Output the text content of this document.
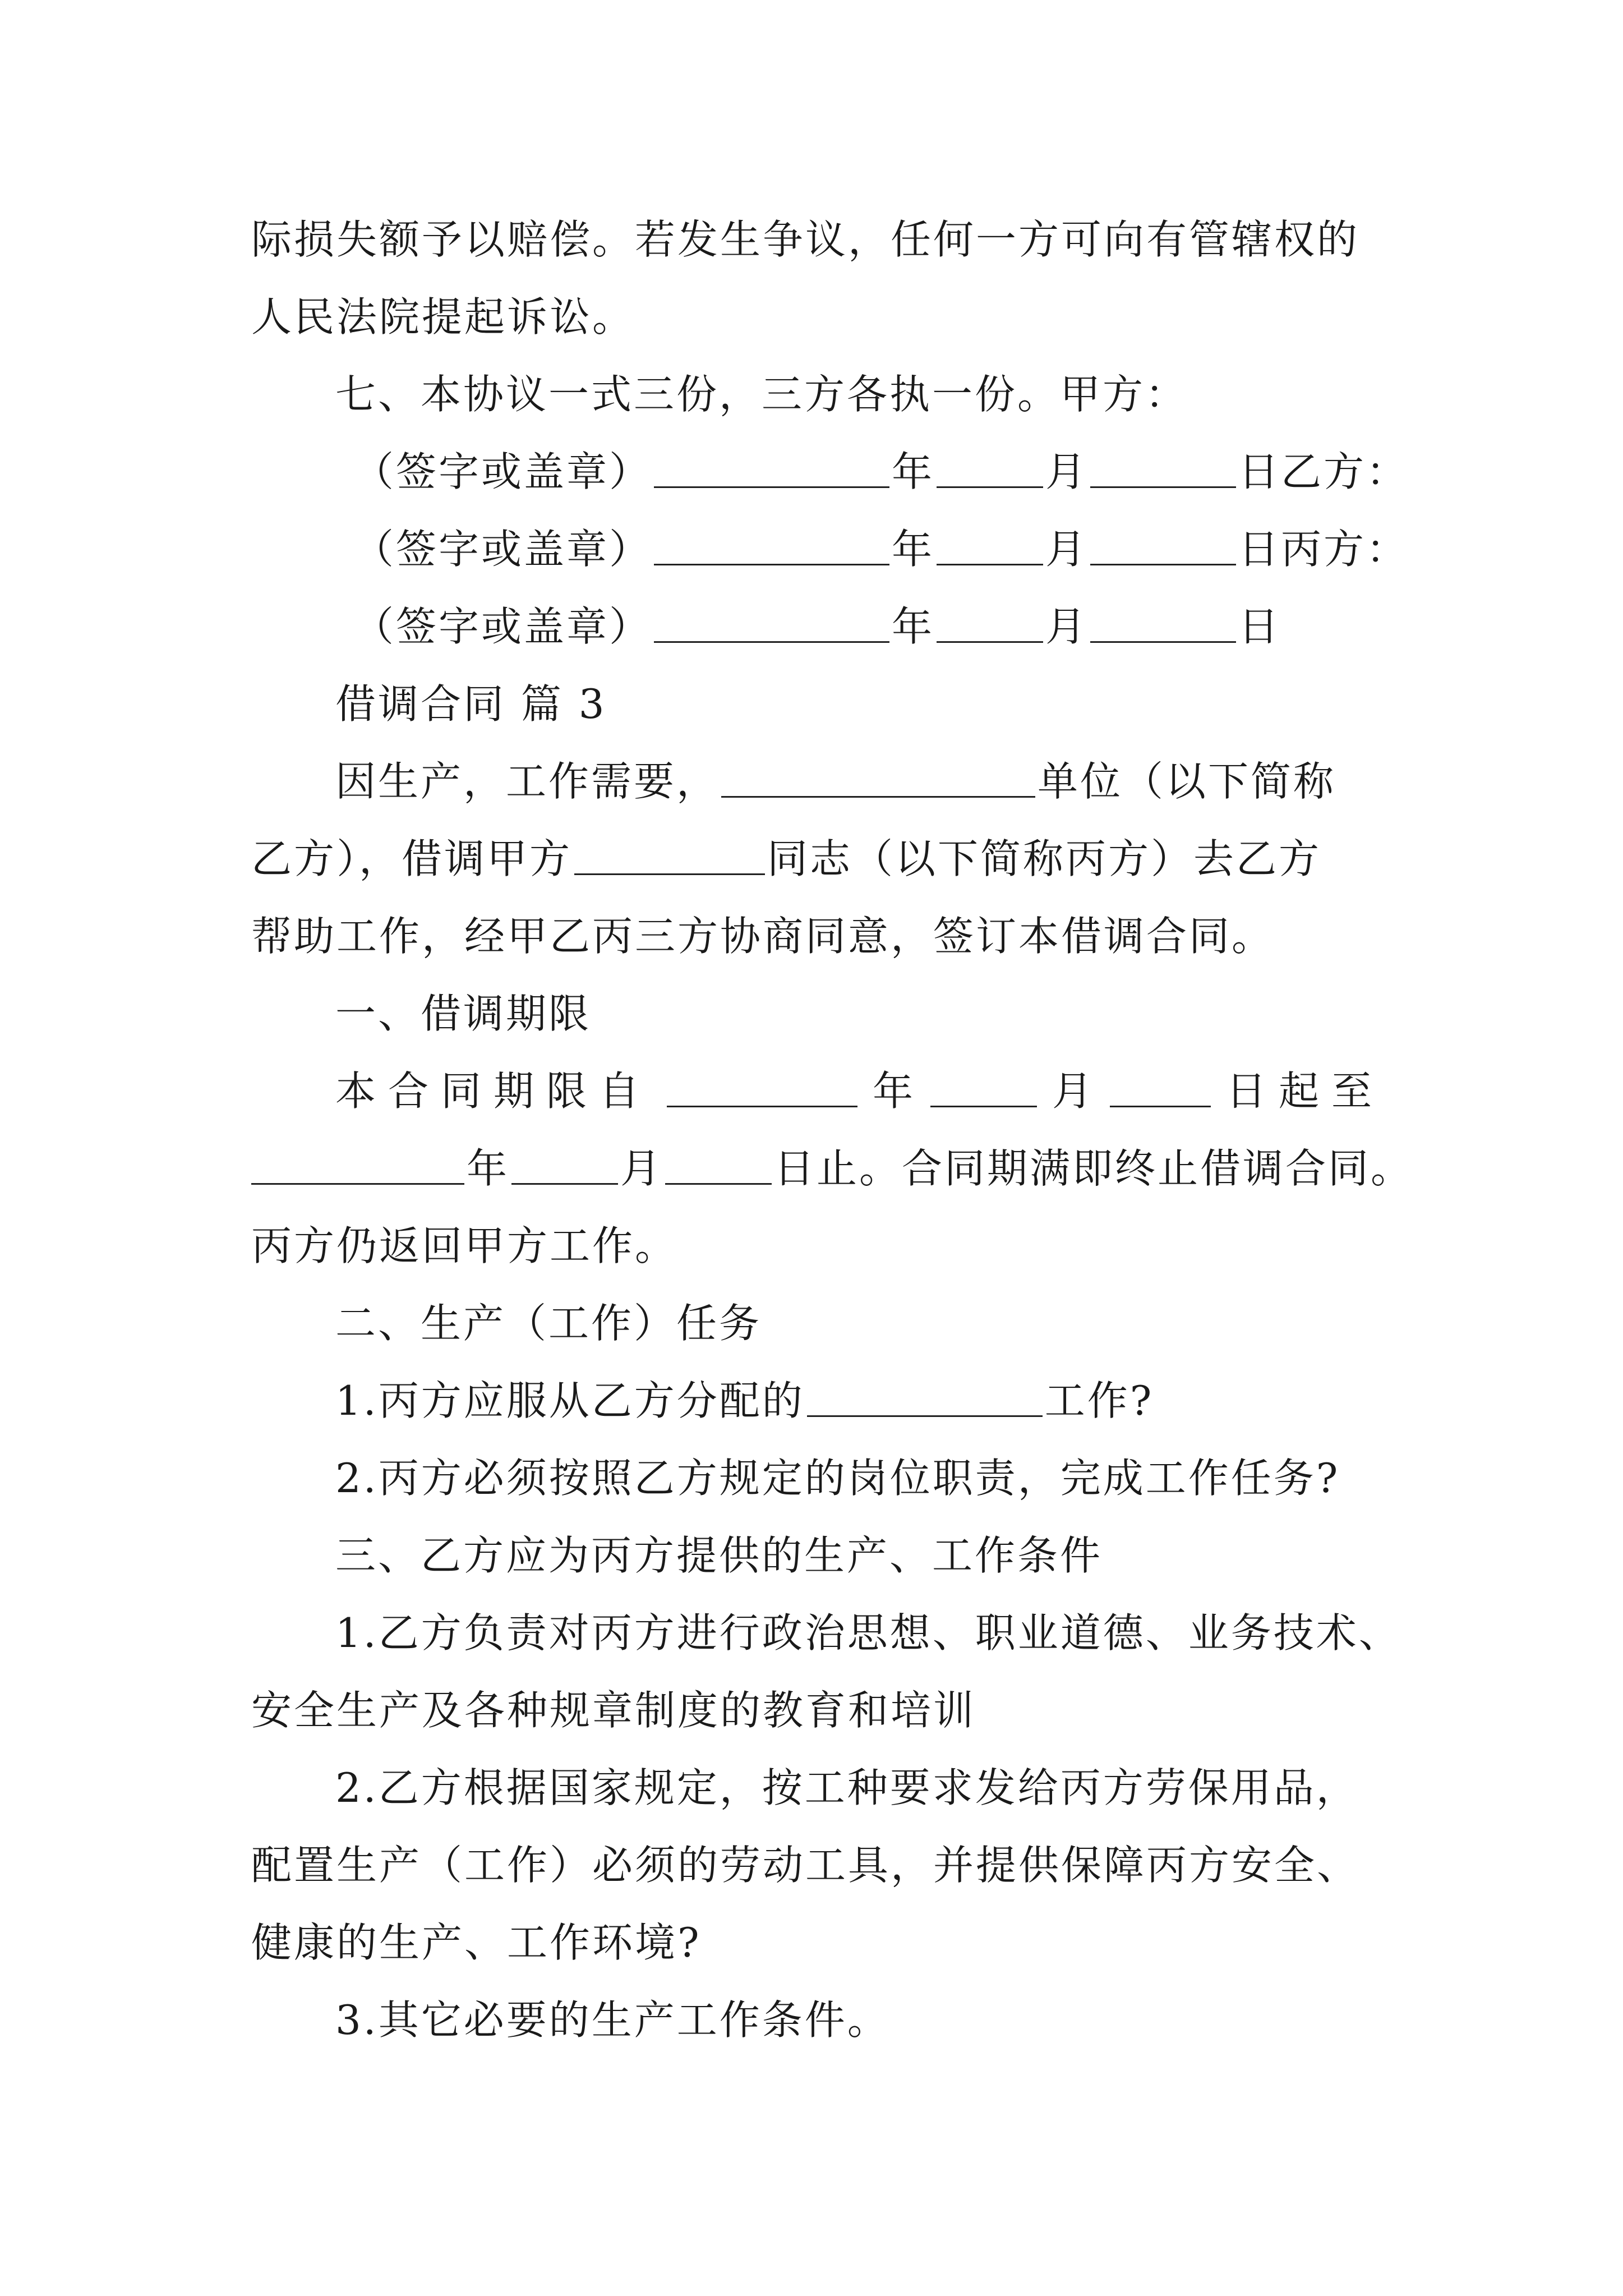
际损失额予以赔偿。若发生争议，任何一方可向有管辖权的
人民法院提起诉讼。
七、本协议一式三份，三方各执一份。甲方：
（签字或盖章）	年	月	日乙方：
（签字或盖章）	年	月	日丙方：
（签字或盖章）	年	月	日
借调合同 篇 3
因生产，工作需要，	单位（以下简称
乙方），借调甲方	同志（以下简称丙方）去乙方
帮助工作，经甲乙丙三方协商同意，签订本借调合同。
一、借调期限
本合同期限自	年	月	日起至
年	月	日止。合同期满即终止借调合同。
丙方仍返回甲方工作。
二、生产（工作）任务
1.丙方应服从乙方分配的	工作?
2.丙方必须按照乙方规定的岗位职责，完成工作任务?
三、乙方应为丙方提供的生产、工作条件
1.乙方负责对丙方进行政治思想、职业道德、业务技术、
安全生产及各种规章制度的教育和培训
2.乙方根据国家规定，按工种要求发给丙方劳保用品，
配置生产（工作）必须的劳动工具，并提供保障丙方安全、
健康的生产、工作环境?
3.其它必要的生产工作条件。
